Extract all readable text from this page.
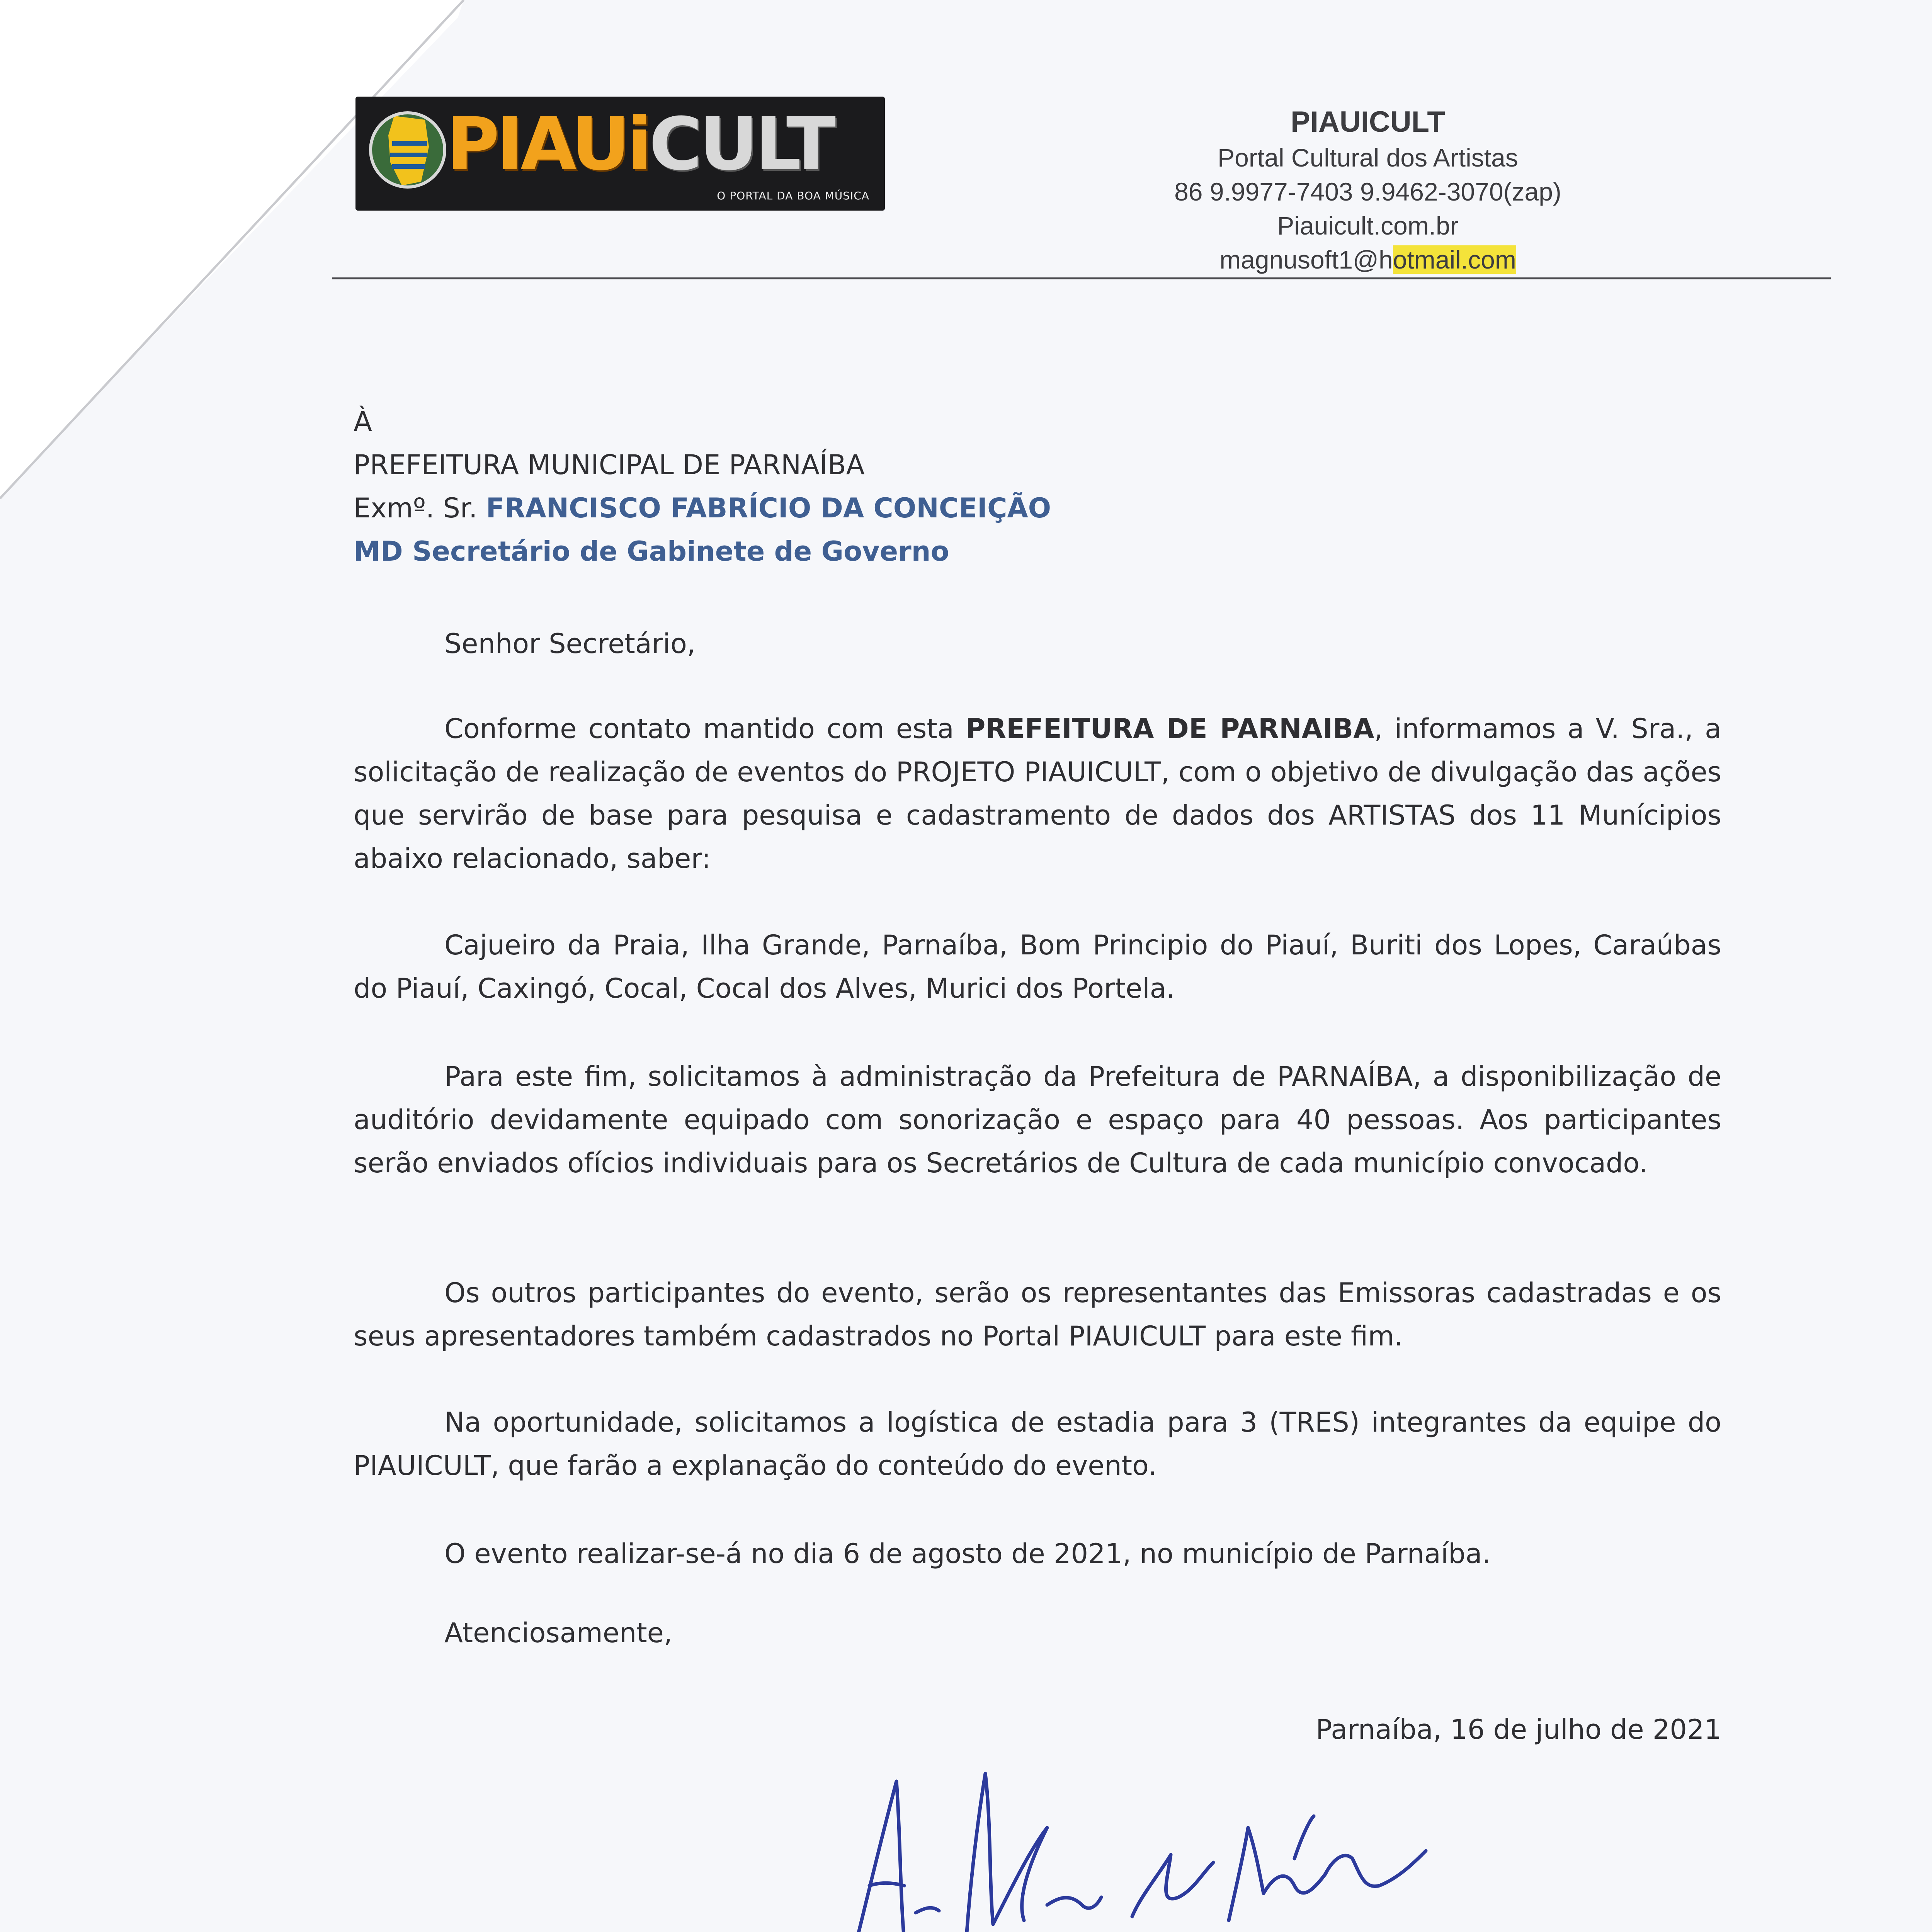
PIAUiCULT
O PORTAL DA BOA MÚSICA
PIAUICULT
Portal Cultural dos Artistas
86 9.9977-7403 9.9462-3070(zap)
Piauicult.com.br
magnusoft1@hotmail.com
À
PREFEITURA MUNICIPAL DE PARNAÍBA
Exmº. Sr. FRANCISCO FABRÍCIO DA CONCEIÇÃO
MD Secretário de Gabinete de Governo
Senhor Secretário,
Conforme contato mantido com esta PREFEITURA DE PARNAIBA, informamos a V. Sra., a solicitação de realização de eventos do PROJETO PIAUICULT, com o objetivo de divulgação das ações que servirão de base para pesquisa e cadastramento de dados dos ARTISTAS dos 11 Munícipios abaixo relacionado, saber:
Cajueiro da Praia, Ilha Grande, Parnaíba, Bom Principio do Piauí, Buriti dos Lopes, Caraúbas do Piauí, Caxingó, Cocal, Cocal dos Alves, Murici dos Portela.
Para este fim, solicitamos à administração da Prefeitura de PARNAÍBA, a disponibilização de auditório devidamente equipado com sonorização e espaço para 40 pessoas. Aos participantes serão enviados ofícios individuais para os Secretários de Cultura de cada município convocado.
Os outros participantes do evento, serão os representantes das Emissoras cadastradas e os seus apresentadores também cadastrados no Portal PIAUICULT para este fim.
Na oportunidade, solicitamos a logística de estadia para 3 (TRES) integrantes da equipe do PIAUICULT, que farão a explanação do conteúdo do evento.
O evento realizar-se-á no dia 6 de agosto de 2021, no município de Parnaíba.
Atenciosamente,
Parnaíba, 16 de julho de 2021
